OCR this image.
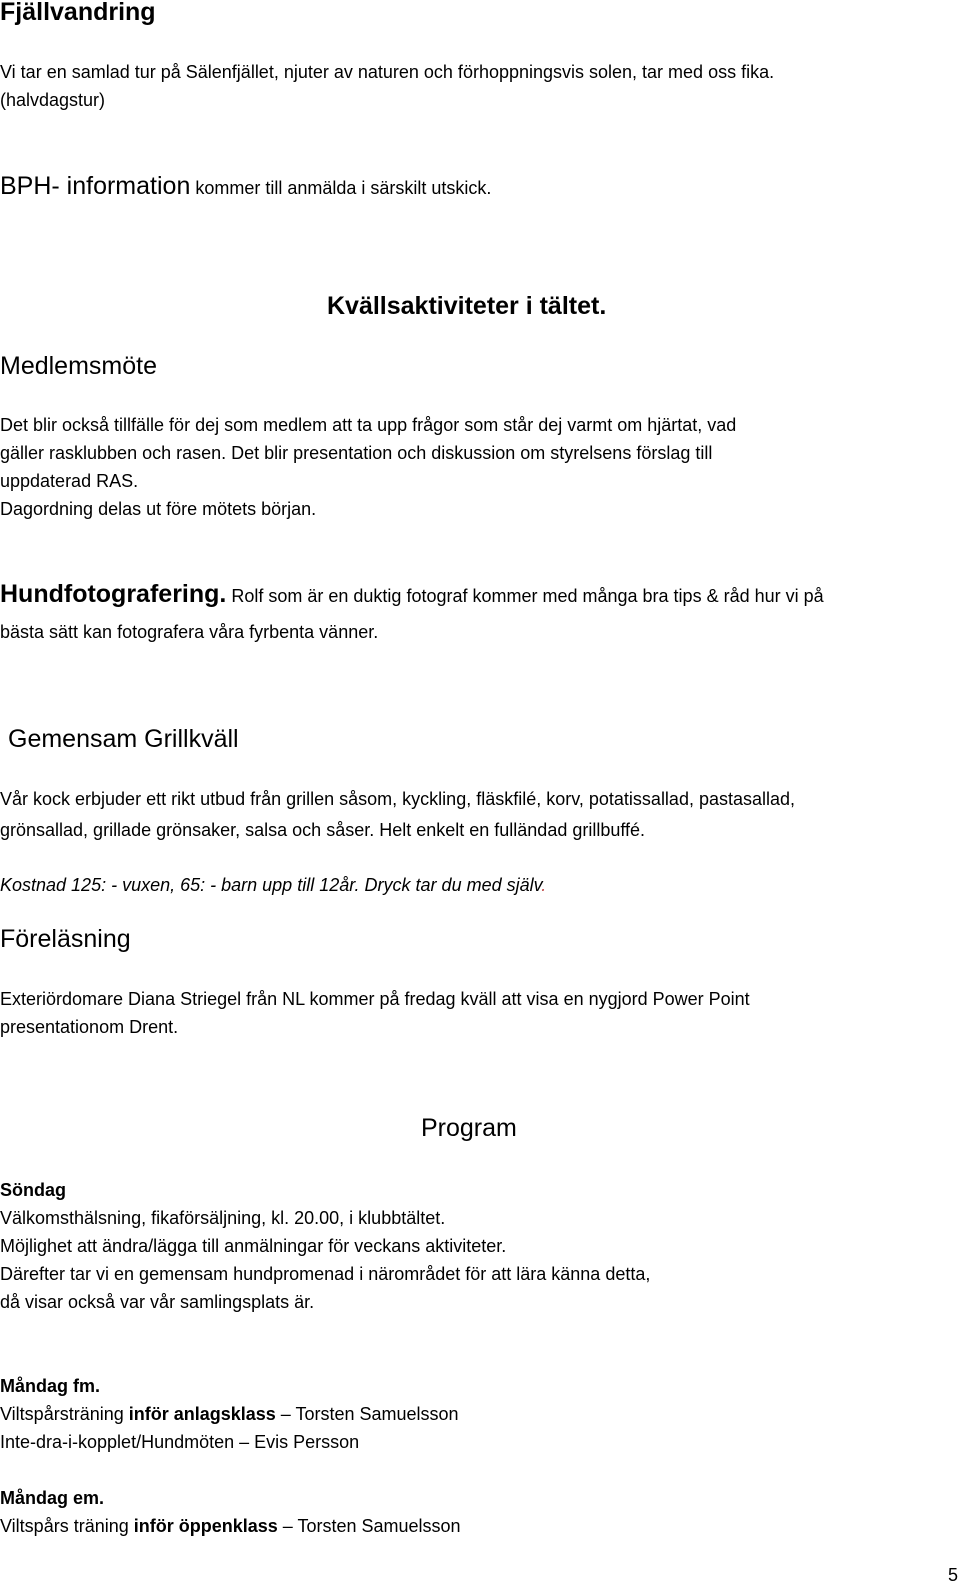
Fjällvandring
Vi tar en samlad tur på Sälenfjället, njuter av naturen och förhoppningsvis solen, tar med oss fika.
(halvdagstur)
BPH- information kommer till anmälda i särskilt utskick.
Kvällsaktiviteter i tältet.
Medlemsmöte
Det blir också tillfälle för dej som medlem att ta upp frågor som står dej varmt om hjärtat, vad
gäller rasklubben och rasen. Det blir presentation och diskussion om styrelsens förslag till
uppdaterad RAS.
Dagordning delas ut före mötets början.
Hundfotografering. Rolf som är en duktig fotograf kommer med många bra tips & råd hur vi på
bästa sätt kan fotografera våra fyrbenta vänner.
Gemensam Grillkväll
Vår kock erbjuder ett rikt utbud från grillen såsom, kyckling, fläskfilé, korv, potatissallad, pastasallad,
grönsallad, grillade grönsaker, salsa och såser. Helt enkelt en fulländad grillbuffé.
Kostnad 125: - vuxen, 65: - barn upp till 12år. Dryck tar du med själv.
Föreläsning
Exteriördomare Diana Striegel från NL kommer på fredag kväll att visa en nygjord Power Point
presentationom Drent.
Program
Söndag
Välkomsthälsning, fikaförsäljning, kl. 20.00, i klubbtältet.
Möjlighet att ändra/lägga till anmälningar för veckans aktiviteter.
Därefter tar vi en gemensam hundpromenad i närområdet för att lära känna detta,
då visar också var vår samlingsplats är.
Måndag fm.
Viltspårsträning inför anlagsklass – Torsten Samuelsson
Inte-dra-i-kopplet/Hundmöten – Evis Persson
Måndag em.
Viltspårs träning inför öppenklass – Torsten Samuelsson
5
